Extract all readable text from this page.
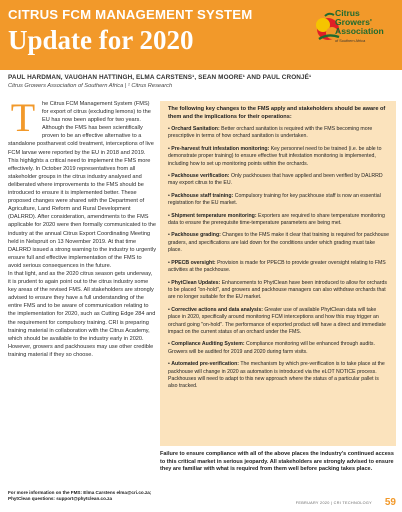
CITRUS FCM MANAGEMENT SYSTEM
Update for 2020
Citrus
Growers'
Association
of Southern Africa
PAUL HARDMAN, VAUGHAN HATTINGH, ELMA CARSTENS¹, SEAN MOORE¹ AND PAUL CRONJÉ¹
Citrus Growers Association of Southern Africa | ¹ Citrus Research
T	he Citrus FCM Management System (FMS) for export of citrus (excluding lemons) to the EU has now been applied for two years. Although the FMS has been scientifically proven to be an effective alternative to a standalone postharvest cold treatment, interceptions of live FCM larvae were reported by the EU in 2018 and 2019. This highlights a critical need to implement the FMS more effectively. In October 2019 representatives from all stakeholder groups in the citrus industry analysed and deliberated where improvements to the FMS should be introduced to ensure it is implemented better. These proposed changes were shared with the Department of Agriculture, Land Reform and Rural Development (DALRRD). After consideration, amendments to the FMS applicable for 2020 were then formally communicated to the industry at the annual Citrus Export Coordinating Meeting held in Nelspruit on 13 November 2019. At that time DALRRD issued a strong warning to the industry to urgently ensure full and effective implementation of the FMS to avoid serious consequences in the future.

In that light, and as the 2020 citrus season gets underway, it is prudent to again point out to the citrus industry some key areas of the revised FMS. All stakeholders are strongly advised to ensure they have a full understanding of the entire FMS and to be aware of communication relating to the implementation for 2020, such as Cutting Edge 284 and the requirement for compulsory training. CRI is preparing training material in collaboration with the Citrus Academy, which should be available to the industry early in 2020. However, growers and packhouses may use other credible training material if they so choose.

For more information on the FMS: Elma Carstens elma@cri.co.za; PhytClean questions: support@phytclean.co.za
The following key changes to the FMS apply and stakeholders should be aware of them and the implications for their operations:
• Orchard Sanitation: Better orchard sanitation is required with the FMS becoming more prescriptive in terms of how orchard sanitation is undertaken.
• Pre-harvest fruit infestation monitoring: Key personnel need to be trained (i.e. be able to demonstrate proper training) to ensure effective fruit infestation monitoring is implemented, including how to set up monitoring points within the orchards.
• Packhouse verification: Only packhouses that have applied and been verified by DALRRD may export citrus to the EU.
• Packhouse staff training: Compulsory training for key packhouse staff is now an essential registration for the EU market.
• Shipment temperature monitoring: Exporters are required to share temperature monitoring data to ensure the prerequisite time-temperature parameters are being met.
• Packhouse grading: Changes to the FMS make it clear that training is required for packhouse graders, and specifications are laid down for the conditions under which grading must take place.
• PPECB oversight: Provision is made for PPECB to provide greater oversight relating to FMS activities at the packhouse.
• PhytClean Updates: Enhancements to PhytClean have been introduced to allow for orchards to be placed "on-hold", and growers and packhouse managers can also withdraw orchards that are no longer suitable for the EU market.
• Corrective actions and data analysis: Greater use of available PhytClean data will take place in 2020, specifically around monitoring FCM interceptions and how this may trigger an orchard going "on-hold". The performance of exported product will have a direct and immediate impact on the current status of an orchard under the FMS.
• Compliance Auditing System: Compliance monitoring will be enhanced through audits. Growers will be audited for 2019 and 2020 during farm visits.
• Automated pre-verification: The mechanism by which pre-verification is to take place at the packhouse will change in 2020 as automation is introduced via the eLOT NOTICE process. Packhouses will need to adapt to this new approach where the status of a particular pallet is also tracked.
Failure to ensure compliance with all of the above places the industry's continued access to this critical market in serious jeopardy. All stakeholders are strongly advised to ensure they are familiar with what is required from them well before packing takes place.
FEBRUARY 2020 | CRI TECHNOLOGY 59
